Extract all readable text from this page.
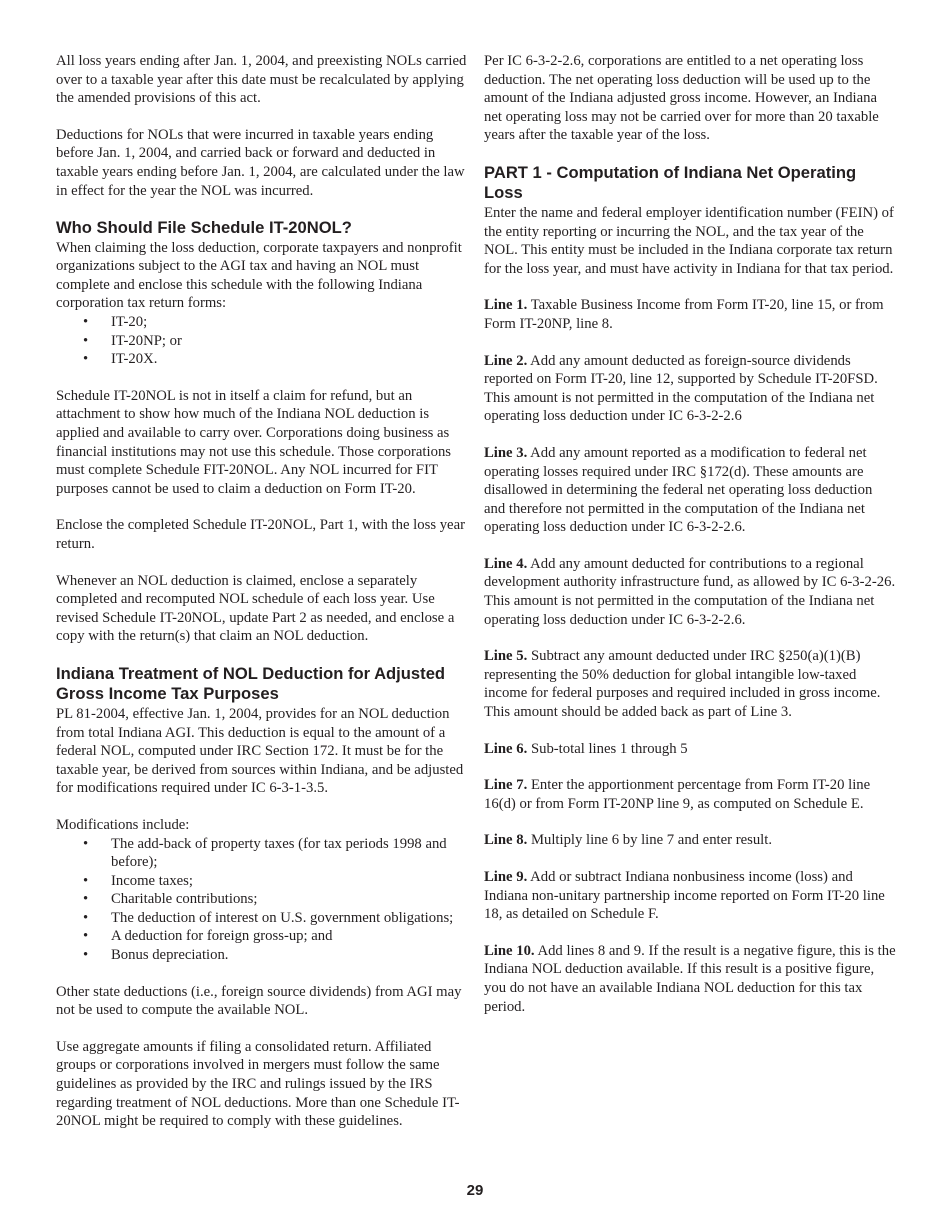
All loss years ending after Jan. 1, 2004, and preexisting NOLs carried over to a taxable year after this date must be recalculated by applying the amended provisions of this act.

Deductions for NOLs that were incurred in taxable years ending before Jan. 1, 2004, and carried back or forward and deducted in taxable years ending before Jan. 1, 2004, are calculated under the law in effect for the year the NOL was incurred.

Who Should File Schedule IT-20NOL?

When claiming the loss deduction, corporate taxpayers and nonprofit organizations subject to the AGI tax and having an NOL must complete and enclose this schedule with the following Indiana corporation tax return forms:

• IT-20;
• IT-20NP; or
• IT-20X.

Schedule IT-20NOL is not in itself a claim for refund, but an attachment to show how much of the Indiana NOL deduction is applied and available to carry over. Corporations doing business as financial institutions may not use this schedule. Those corporations must complete Schedule FIT-20NOL. Any NOL incurred for FIT purposes cannot be used to claim a deduction on Form IT-20.

Enclose the completed Schedule IT-20NOL, Part 1, with the loss year return.

Whenever an NOL deduction is claimed, enclose a separately completed and recomputed NOL schedule of each loss year. Use revised Schedule IT-20NOL, update Part 2 as needed, and enclose a copy with the return(s) that claim an NOL deduction.

Indiana Treatment of NOL Deduction for Adjusted Gross Income Tax Purposes

PL 81-2004, effective Jan. 1, 2004, provides for an NOL deduction from total Indiana AGI. This deduction is equal to the amount of a federal NOL, computed under IRC Section 172. It must be for the taxable year, be derived from sources within Indiana, and be adjusted for modifications required under IC 6-3-1-3.5.

Modifications include:

• The add-back of property taxes (for tax periods 1998 and before);
• Income taxes;
• Charitable contributions;
• The deduction of interest on U.S. government obligations;
• A deduction for foreign gross-up; and
• Bonus depreciation.

Other state deductions (i.e., foreign source dividends) from AGI may not be used to compute the available NOL.

Use aggregate amounts if filing a consolidated return. Affiliated groups or corporations involved in mergers must follow the same guidelines as provided by the IRC and rulings issued by the IRS regarding treatment of NOL deductions. More than one Schedule IT-20NOL might be required to comply with these guidelines.

Per IC 6-3-2-2.6, corporations are entitled to a net operating loss deduction. The net operating loss deduction will be used up to the amount of the Indiana adjusted gross income. However, an Indiana net operating loss may not be carried over for more than 20 taxable years after the taxable year of the loss.

PART 1 - Computation of Indiana Net Operating Loss

Enter the name and federal employer identification number (FEIN) of the entity reporting or incurring the NOL, and the tax year of the NOL. This entity must be included in the Indiana corporate tax return for the loss year, and must have activity in Indiana for that tax period.

Line 1. Taxable Business Income from Form IT-20, line 15, or from Form IT-20NP, line 8.

Line 2. Add any amount deducted as foreign-source dividends reported on Form IT-20, line 12, supported by Schedule IT-20FSD. This amount is not permitted in the computation of the Indiana net operating loss deduction under IC 6-3-2-2.6

Line 3. Add any amount reported as a modification to federal net operating losses required under IRC §172(d). These amounts are disallowed in determining the federal net operating loss deduction and therefore not permitted in the computation of the Indiana net operating loss deduction under IC 6-3-2-2.6.

Line 4. Add any amount deducted for contributions to a regional development authority infrastructure fund, as allowed by IC 6-3-2-26. This amount is not permitted in the computation of the Indiana net operating loss deduction under IC 6-3-2-2.6.

Line 5. Subtract any amount deducted under IRC §250(a)(1)(B) representing the 50% deduction for global intangible low-taxed income for federal purposes and required included in gross income. This amount should be added back as part of Line 3.

Line 6. Sub-total lines 1 through 5

Line 7. Enter the apportionment percentage from Form IT-20 line 16(d) or from Form IT-20NP line 9, as computed on Schedule E.

Line 8. Multiply line 6 by line 7 and enter result.

Line 9. Add or subtract Indiana nonbusiness income (loss) and Indiana non-unitary partnership income reported on Form IT-20 line 18, as detailed on Schedule F.

Line 10. Add lines 8 and 9. If the result is a negative figure, this is the Indiana NOL deduction available. If this result is a positive figure, you do not have an available Indiana NOL deduction for this tax period.

29
